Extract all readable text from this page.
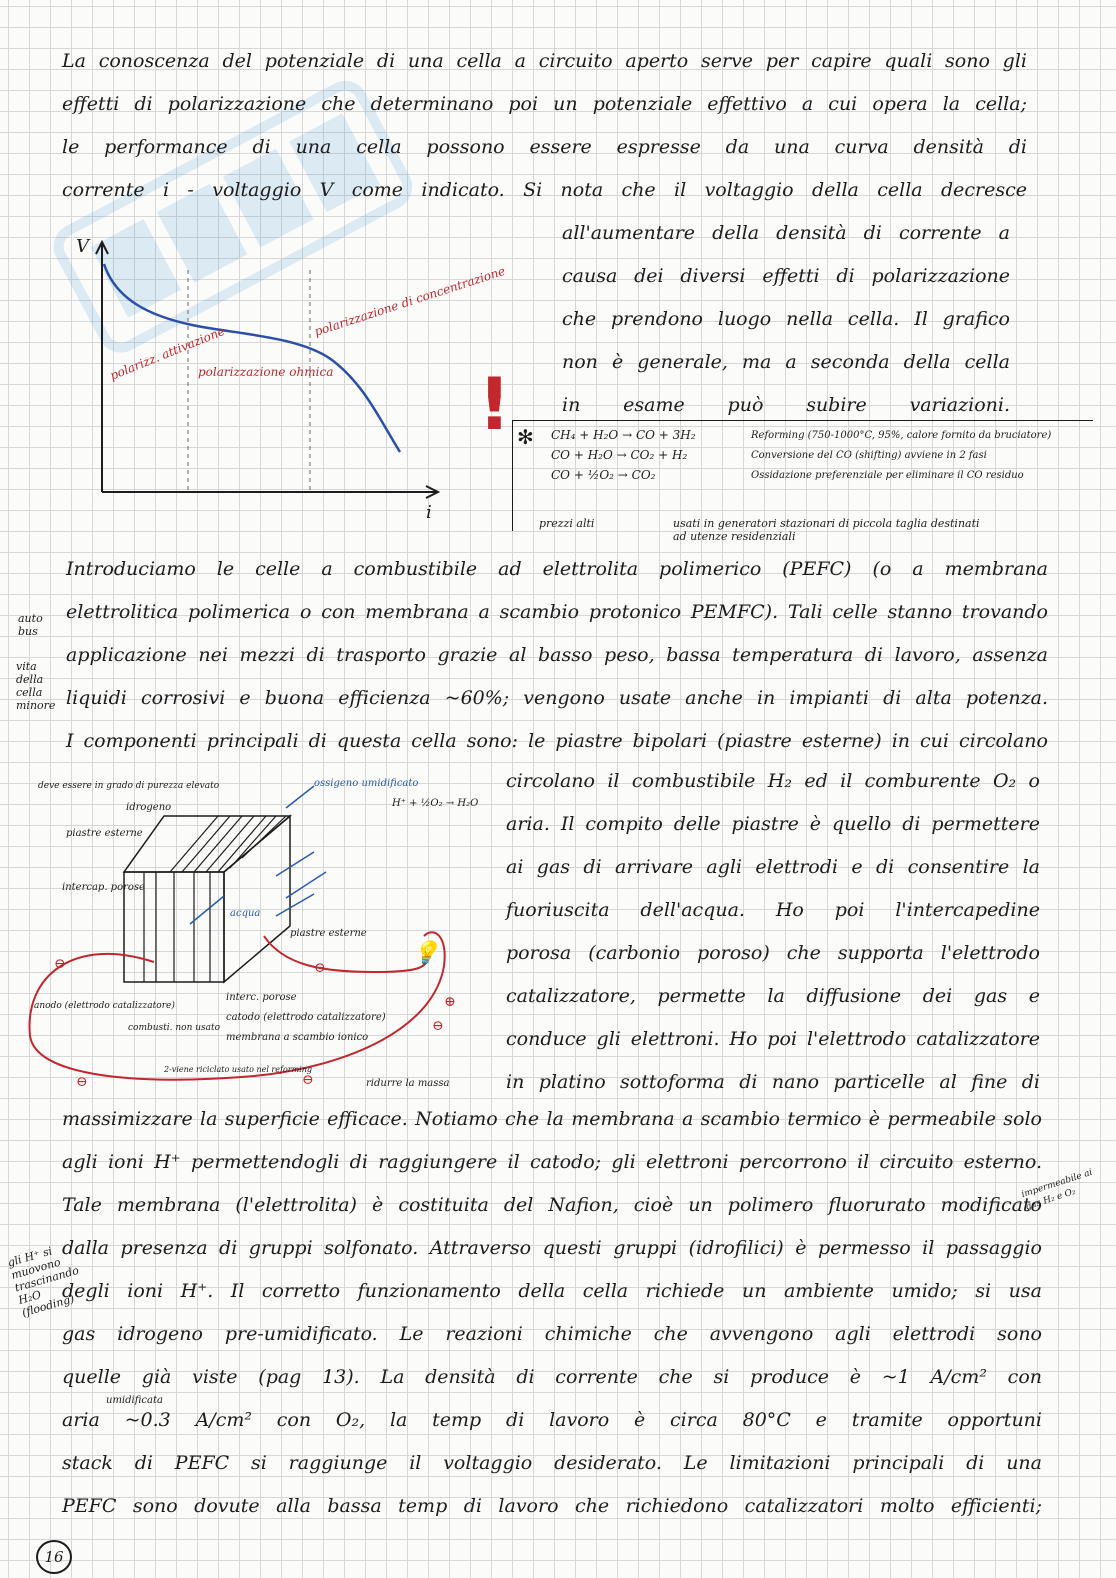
La conoscenza del potenziale di una cella a circuito aperto serve per capire quali sono gli
effetti di polarizzazione che determinano poi un potenziale effettivo a cui opera la cella;
le performance di una cella possono essere espresse da una curva densità di
corrente i - voltaggio V come indicato. Si nota che il voltaggio della cella decresce
all'aumentare della densità di corrente a
causa dei diversi effetti di polarizzazione
che prendono luogo nella cella. Il grafico
non è generale, ma a seconda della cella
in esame può subire variazioni.
V
i
polarizz. attivazione
polarizzazione ohmica
polarizzazione di concentrazione
! ✻ CH₄ + H₂O → CO + 3H₂	Reforming (750-1000°C, 95%, calore fornito da bruciatore)
CO + H₂O → CO₂ + H₂	Conversione del CO (shifting) avviene in 2 fasi
CO + ½O₂ → CO₂	Ossidazione preferenziale per eliminare il CO residuo
prezzi alti	usati in generatori stazionari di piccola taglia destinati ad utenze residenziali
Introduciamo le celle a combustibile ad elettrolita polimerico (PEFC) (o a membrana
elettrolitica polimerica o con membrana a scambio protonico PEMFC). Tali celle stanno trovando
applicazione nei mezzi di trasporto grazie al basso peso, bassa temperatura di lavoro, assenza
liquidi corrosivi e buona efficienza ~60%; vengono usate anche in impianti di alta potenza.
I componenti principali di questa cella sono: le piastre bipolari (piastre esterne) in cui circolano
auto bus
vita della cella minore
gli H⁺ si muovono trascinando H₂O (flooding)
⊖	⊖
⊖
⊖
⊖
⊕
💡
deve essere in grado di purezza elevato
idrogeno
ossigeno umidificato
H⁺ + ½O₂ → H₂O
piastre esterne
intercap. porose
acqua
piastre esterne
anodo (elettrodo catalizzatore)
combusti. non usato
2-viene riciclato usato nel reforming
interc. porose
catodo (elettrodo catalizzatore)
membrana a scambio ionico
ridurre la massa
circolano il combustibile H₂ ed il comburente O₂ o
aria. Il compito delle piastre è quello di permettere
ai gas di arrivare agli elettrodi e di consentire la
fuoriuscita dell'acqua. Ho poi l'intercapedine
porosa (carbonio poroso) che supporta l'elettrodo
catalizzatore, permette la diffusione dei gas e
conduce gli elettroni. Ho poi l'elettrodo catalizzatore
in platino sottoforma di nano particelle al fine di
massimizzare la superficie efficace. Notiamo che la membrana a scambio termico è permeabile solo
agli ioni H⁺ permettendogli di raggiungere il catodo; gli elettroni percorrono il circuito esterno.
Tale membrana (l'elettrolita) è costituita del Nafion, cioè un polimero fluorurato modificato
dalla presenza di gruppi solfonato. Attraverso questi gruppi (idrofilici) è permesso il passaggio
degli ioni H⁺. Il corretto funzionamento della cella richiede un ambiente umido; si usa
gas idrogeno pre-umidificato. Le reazioni chimiche che avvengono agli elettrodi sono
quelle già viste (pag 13). La densità di corrente che si produce è ~1 A/cm² con
aria ~0.3 A/cm² con O₂, la temp di lavoro è circa 80°C e tramite opportuni
stack di PEFC si raggiunge il voltaggio desiderato. Le limitazioni principali di una
PEFC sono dovute alla bassa temp di lavoro che richiedono catalizzatori molto efficienti;
impermeabile ai gas H₂ e O₂
umidificata
16
